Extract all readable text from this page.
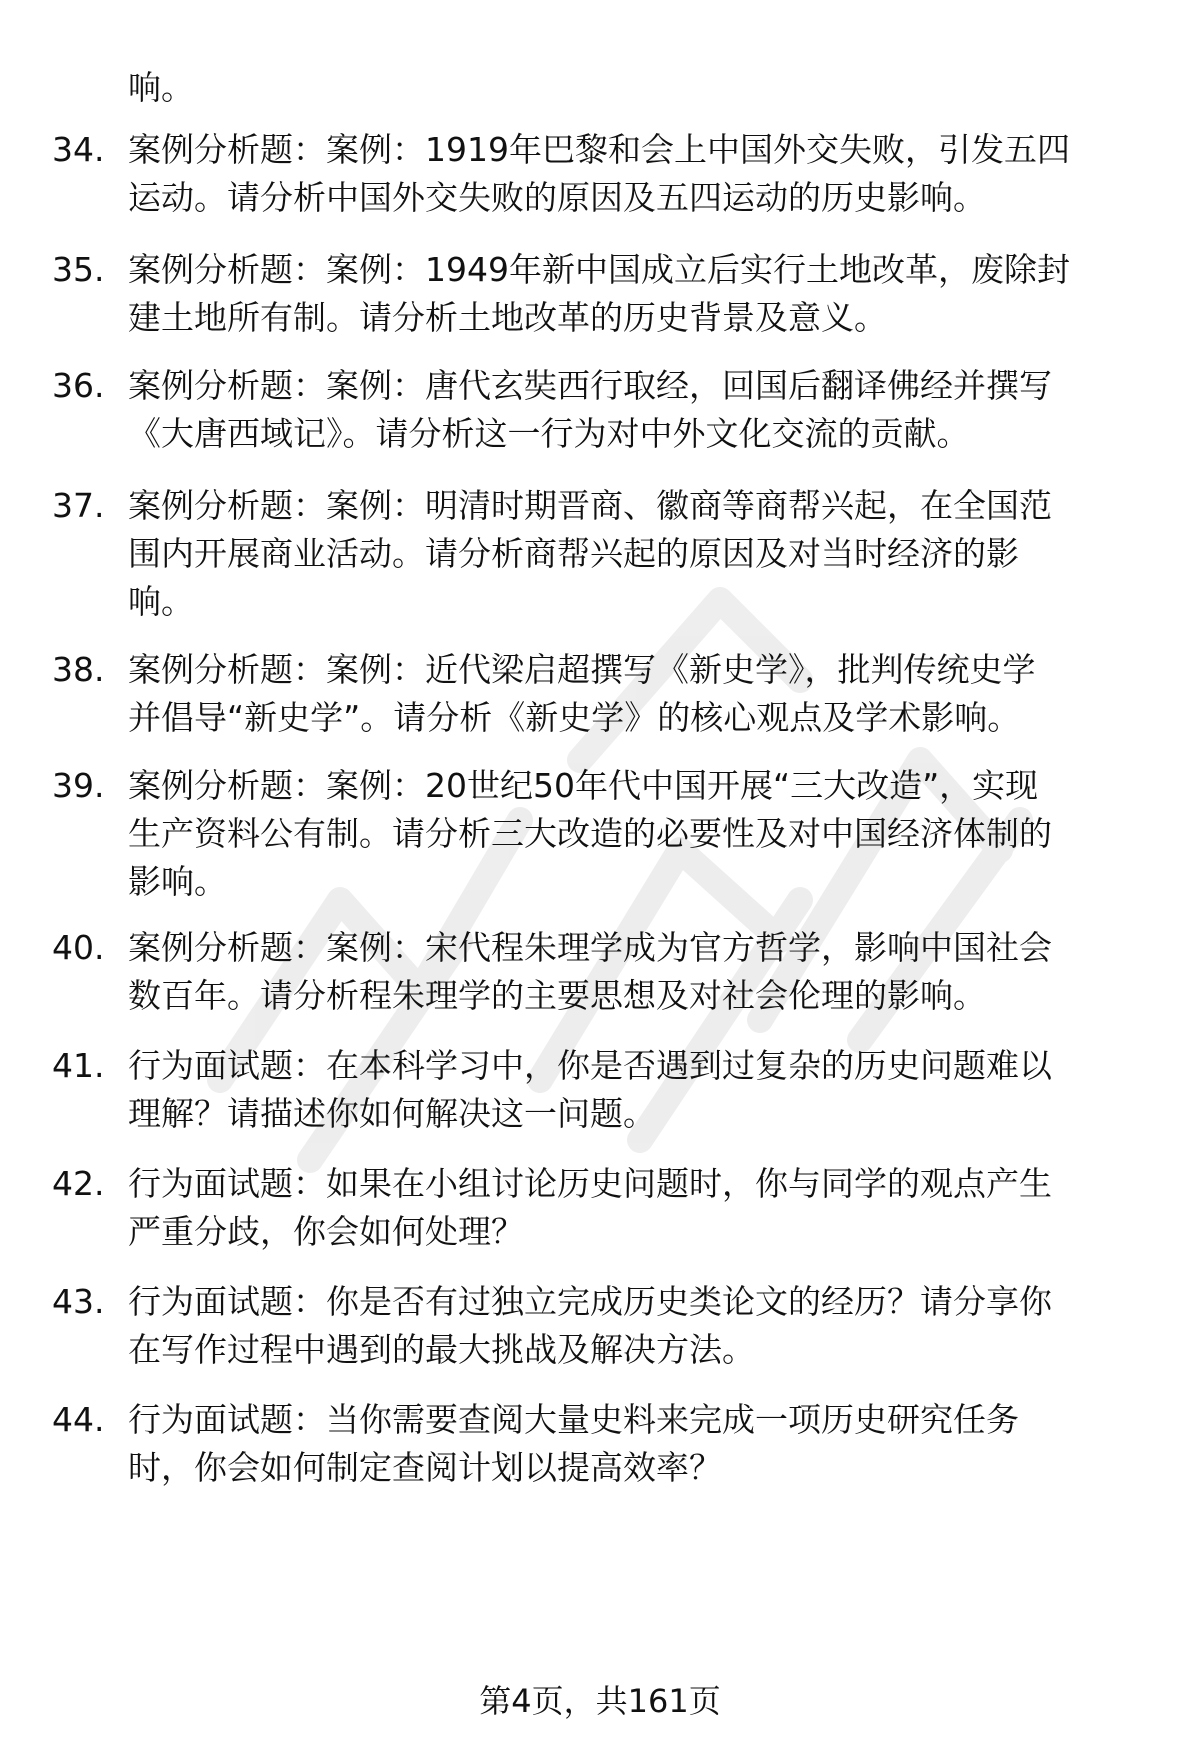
响。
34. 案例分析题：案例：1919年巴黎和会上中国外交失败，引发五四
运动。请分析中国外交失败的原因及五四运动的历史影响。
35. 案例分析题：案例：1949年新中国成立后实行土地改革，废除封
建土地所有制。请分析土地改革的历史背景及意义。
36. 案例分析题：案例：唐代玄奘西行取经，回国后翻译佛经并撰写
《大唐西域记》。请分析这一行为对中外文化交流的贡献。
37. 案例分析题：案例：明清时期晋商、徽商等商帮兴起，在全国范
围内开展商业活动。请分析商帮兴起的原因及对当时经济的影
响。
38. 案例分析题：案例：近代梁启超撰写《新史学》，批判传统史学
并倡导“新史学”。请分析《新史学》的核心观点及学术影响。
39. 案例分析题：案例：20世纪50年代中国开展“三大改造”，实现
生产资料公有制。请分析三大改造的必要性及对中国经济体制的
影响。
40. 案例分析题：案例：宋代程朱理学成为官方哲学，影响中国社会
数百年。请分析程朱理学的主要思想及对社会伦理的影响。
41. 行为面试题：在本科学习中，你是否遇到过复杂的历史问题难以
理解？请描述你如何解决这一问题。
42. 行为面试题：如果在小组讨论历史问题时，你与同学的观点产生
严重分歧，你会如何处理？
43. 行为面试题：你是否有过独立完成历史类论文的经历？请分享你
在写作过程中遇到的最大挑战及解决方法。
44. 行为面试题：当你需要查阅大量史料来完成一项历史研究任务
时，你会如何制定查阅计划以提高效率？
第4页，共161页
